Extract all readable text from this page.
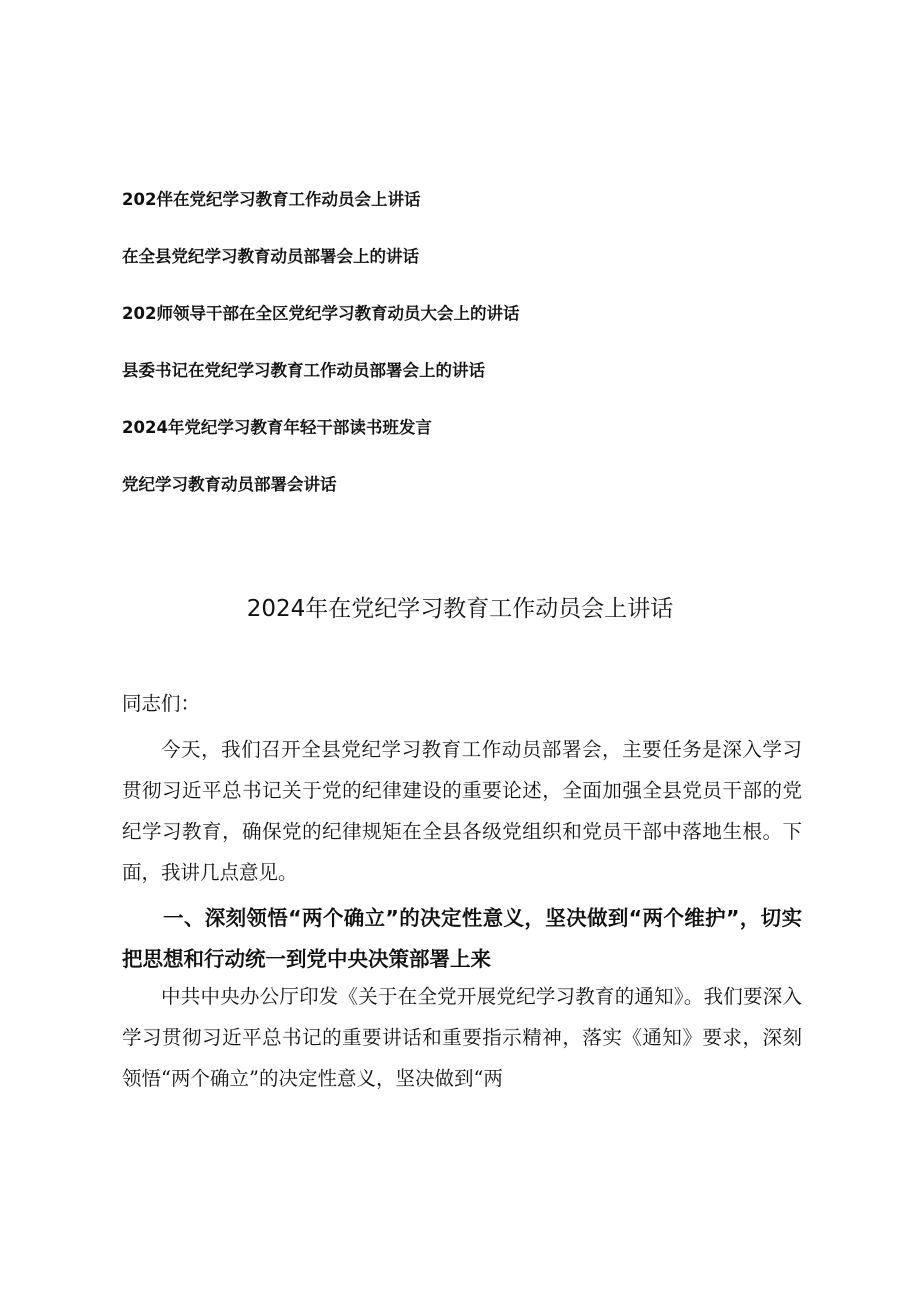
202伴在党纪学习教育工作动员会上讲话
在全县党纪学习教育动员部署会上的讲话
202师领导干部在全区党纪学习教育动员大会上的讲话
县委书记在党纪学习教育工作动员部署会上的讲话
2024年党纪学习教育年轻干部读书班发言
党纪学习教育动员部署会讲话
2024年在党纪学习教育工作动员会上讲话

同志们：

今天，我们召开全县党纪学习教育工作动员部署会，主要任务是深入学习贯彻习近平总书记关于党的纪律建设的重要论述，全面加强全县党员干部的党纪学习教育，确保党的纪律规矩在全县各级党组织和党员干部中落地生根。下面，我讲几点意见。

一、深刻领悟“两个确立”的决定性意义，坚决做到“两个维护”，切实把思想和行动统一到党中央决策部署上来

中共中央办公厅印发《关于在全党开展党纪学习教育的通知》。我们要深入学习贯彻习近平总书记的重要讲话和重要指示精神，落实《通知》要求，深刻领悟“两个确立”的决定性意义，坚决做到“两
